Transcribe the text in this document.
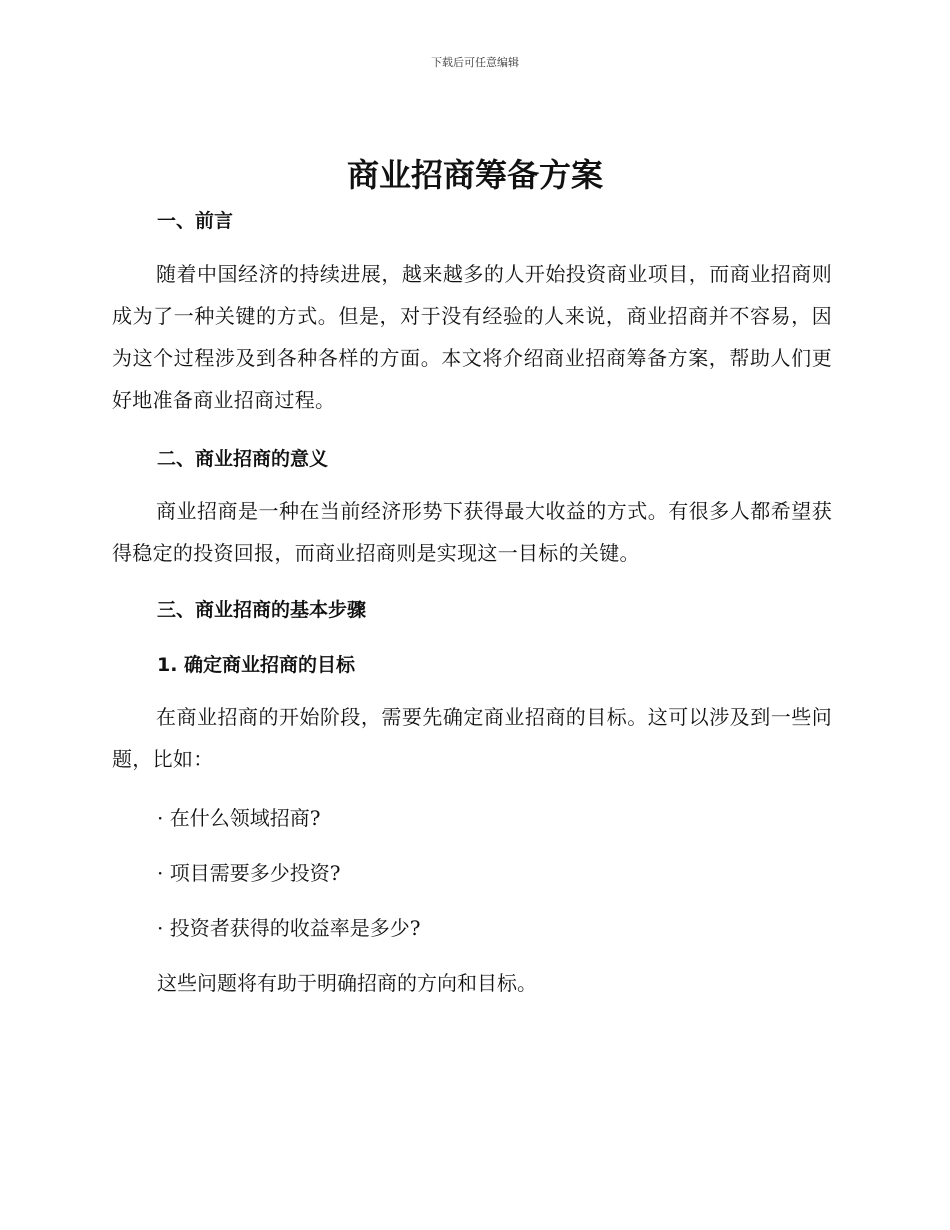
下载后可任意编辑
商业招商筹备方案
一、前言

随着中国经济的持续进展，越来越多的人开始投资商业项目，而商业招商则成为了一种关键的方式。但是，对于没有经验的人来说，商业招商并不容易，因为这个过程涉及到各种各样的方面。本文将介绍商业招商筹备方案，帮助人们更好地准备商业招商过程。

二、商业招商的意义

商业招商是一种在当前经济形势下获得最大收益的方式。有很多人都希望获得稳定的投资回报，而商业招商则是实现这一目标的关键。

三、商业招商的基本步骤
1. 确定商业招商的目标

在商业招商的开始阶段，需要先确定商业招商的目标。这可以涉及到一些问题，比如：

· 在什么领域招商?

· 项目需要多少投资?

· 投资者获得的收益率是多少?

这些问题将有助于明确招商的方向和目标。
